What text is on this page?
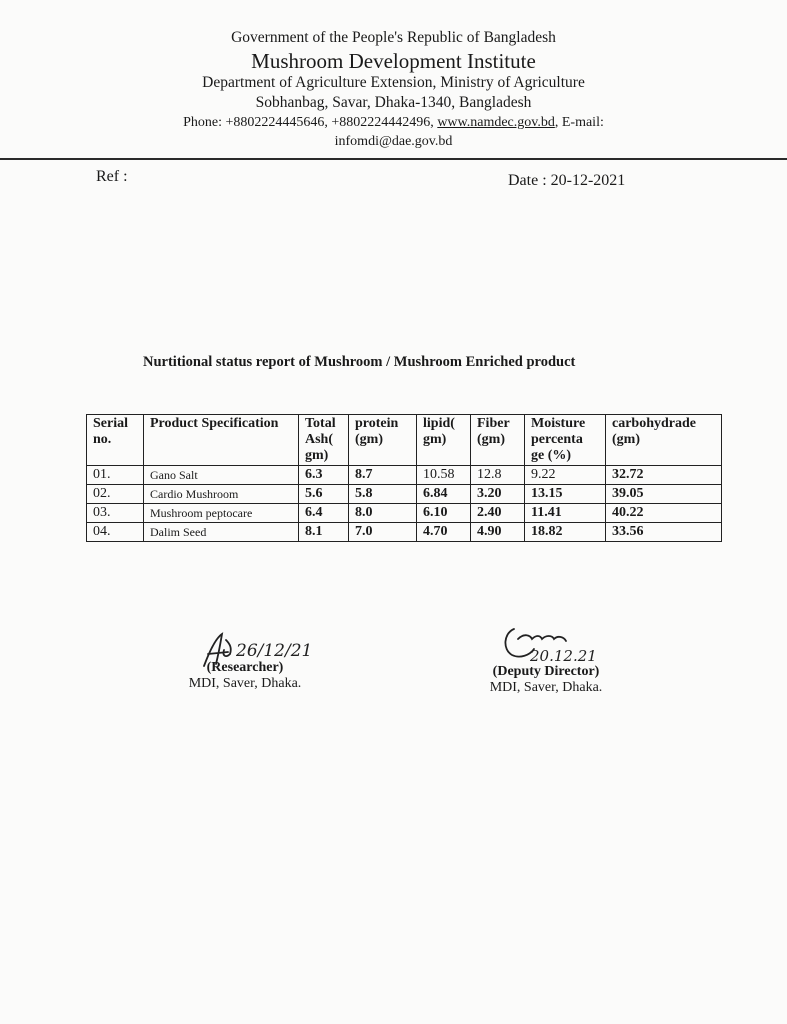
Government of the People's Republic of Bangladesh
Mushroom Development Institute
Department of Agriculture Extension, Ministry of Agriculture
Sobhanbag, Savar, Dhaka-1340, Bangladesh
Phone: +8802224445646, +8802224442496, www.namdec.gov.bd, E-mail:
infomdi@dae.gov.bd
Ref :	Date : 20-12-2021
Nurtitional status report of Mushroom / Mushroom Enriched product
Serial no.	Product Specification	Total Ash( gm)	protein (gm)	lipid( gm)	Fiber (gm)	Moisture percenta ge (%)	carbohydrade (gm)
01.	Gano Salt	6.3	8.7	10.58	12.8	9.22	32.72
02.	Cardio Mushroom	5.6	5.8	6.84	3.20	13.15	39.05
03.	Mushroom peptocare	6.4	8.0	6.10	2.40	11.41	40.22
04.	Dalim Seed	8.1	7.0	4.70	4.90	18.82	33.56
26/12/21	20.12.21
(Researcher)
MDI, Saver, Dhaka.
(Deputy Director)
MDI, Saver, Dhaka.
